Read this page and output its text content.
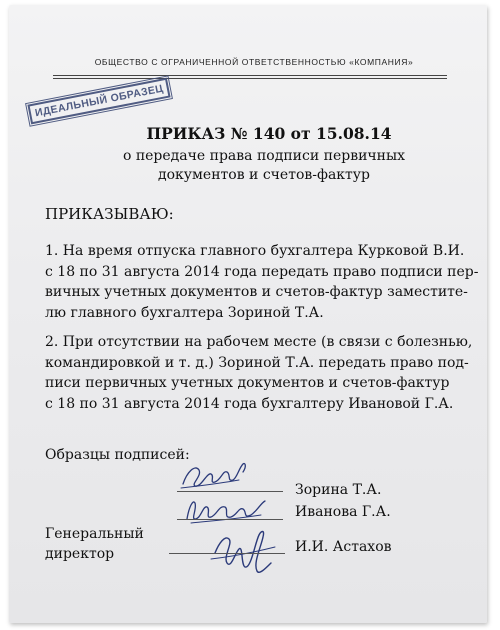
ОБЩЕСТВО С ОГРАНИЧЕННОЙ ОТВЕТСТВЕННОСТЬЮ «КОМПАНИЯ»
ИДЕАЛЬНЫЙ ОБРАЗЕЦ
ПРИКАЗ № 140 от 15.08.14
о передаче права подписи первичных
документов и счетов-фактур
ПРИКАЗЫВАЮ:
1. На время отпуска главного бухгалтера Курковой В.И.
с 18 по 31 августа 2014 года передать право подписи пер-
вичных учетных документов и счетов-фактур заместите-
лю главного бухгалтера Зориной Т.А.
2. При отсутствии на рабочем месте (в связи с болезнью,
командировкой и т. д.) Зориной Т.А. передать право под-
писи первичных учетных документов и счетов-фактур
с 18 по 31 августа 2014 года бухгалтеру Ивановой Г.А.
Образцы подписей:
Зорина Т.А.
Иванова Г.А.
Генеральный
директор	И.И. Астахов
